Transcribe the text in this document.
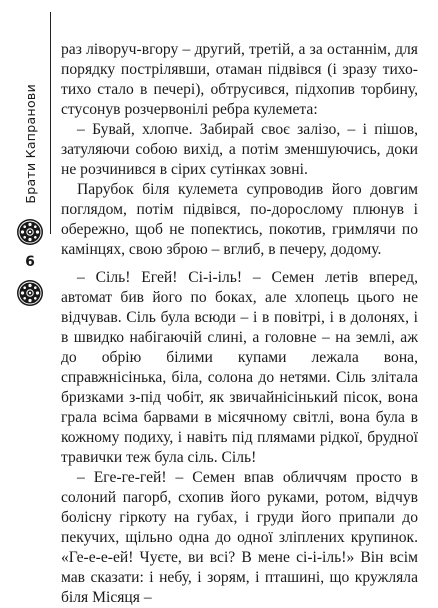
Брати Капранови
6

раз ліворуч-вгору – другий, третій, а за останнім, для порядку пострілявши, отаман підвівся (і зразу тихо-тихо стало в печері), обтрусився, підхопив торбину, стусонув розчервонілі ребра кулемета:

– Бувай, хлопче. Забирай своє залізо, – і пішов, затуляючи собою вихід, а потім зменшуючись, доки не розчинився в сірих сутінках зовні.

Парубок біля кулемета супроводив його довгим поглядом, потім підвівся, по-дорослому плюнув і обережно, щоб не попектись, покотив, гримлячи по камінцях, свою зброю – вглиб, в печеру, додому.

– Сіль! Егей! Сі-і-іль! – Семен летів вперед, автомат бив його по боках, але хлопець цього не відчував. Сіль була всюди – і в повітрі, і в долонях, і в швидко набігаючій слині, а головне – на землі, аж до обрію білими купами лежала вона, справжнісінька, біла, солона до нетями. Сіль злітала бризками з-під чобіт, як звичайнісінький пісок, вона грала всіма барвами в місячному світлі, вона була в кожному подиху, і навіть під плямами рідкої, брудної травички теж була сіль. Сіль!

– Еге-ге-гей! – Семен впав обличчям просто в солоний пагорб, схопив його руками, ротом, відчув болісну гіркоту на губах, і груди його припали до пекучих, щільно одна до одної зліплених крупинок. «Ге-е-е-ей! Чуєте, ви всі? В мене сі-і-іль!» Він всім мав сказати: і небу, і зорям, і пташині, що кружляла біля Місяця –
